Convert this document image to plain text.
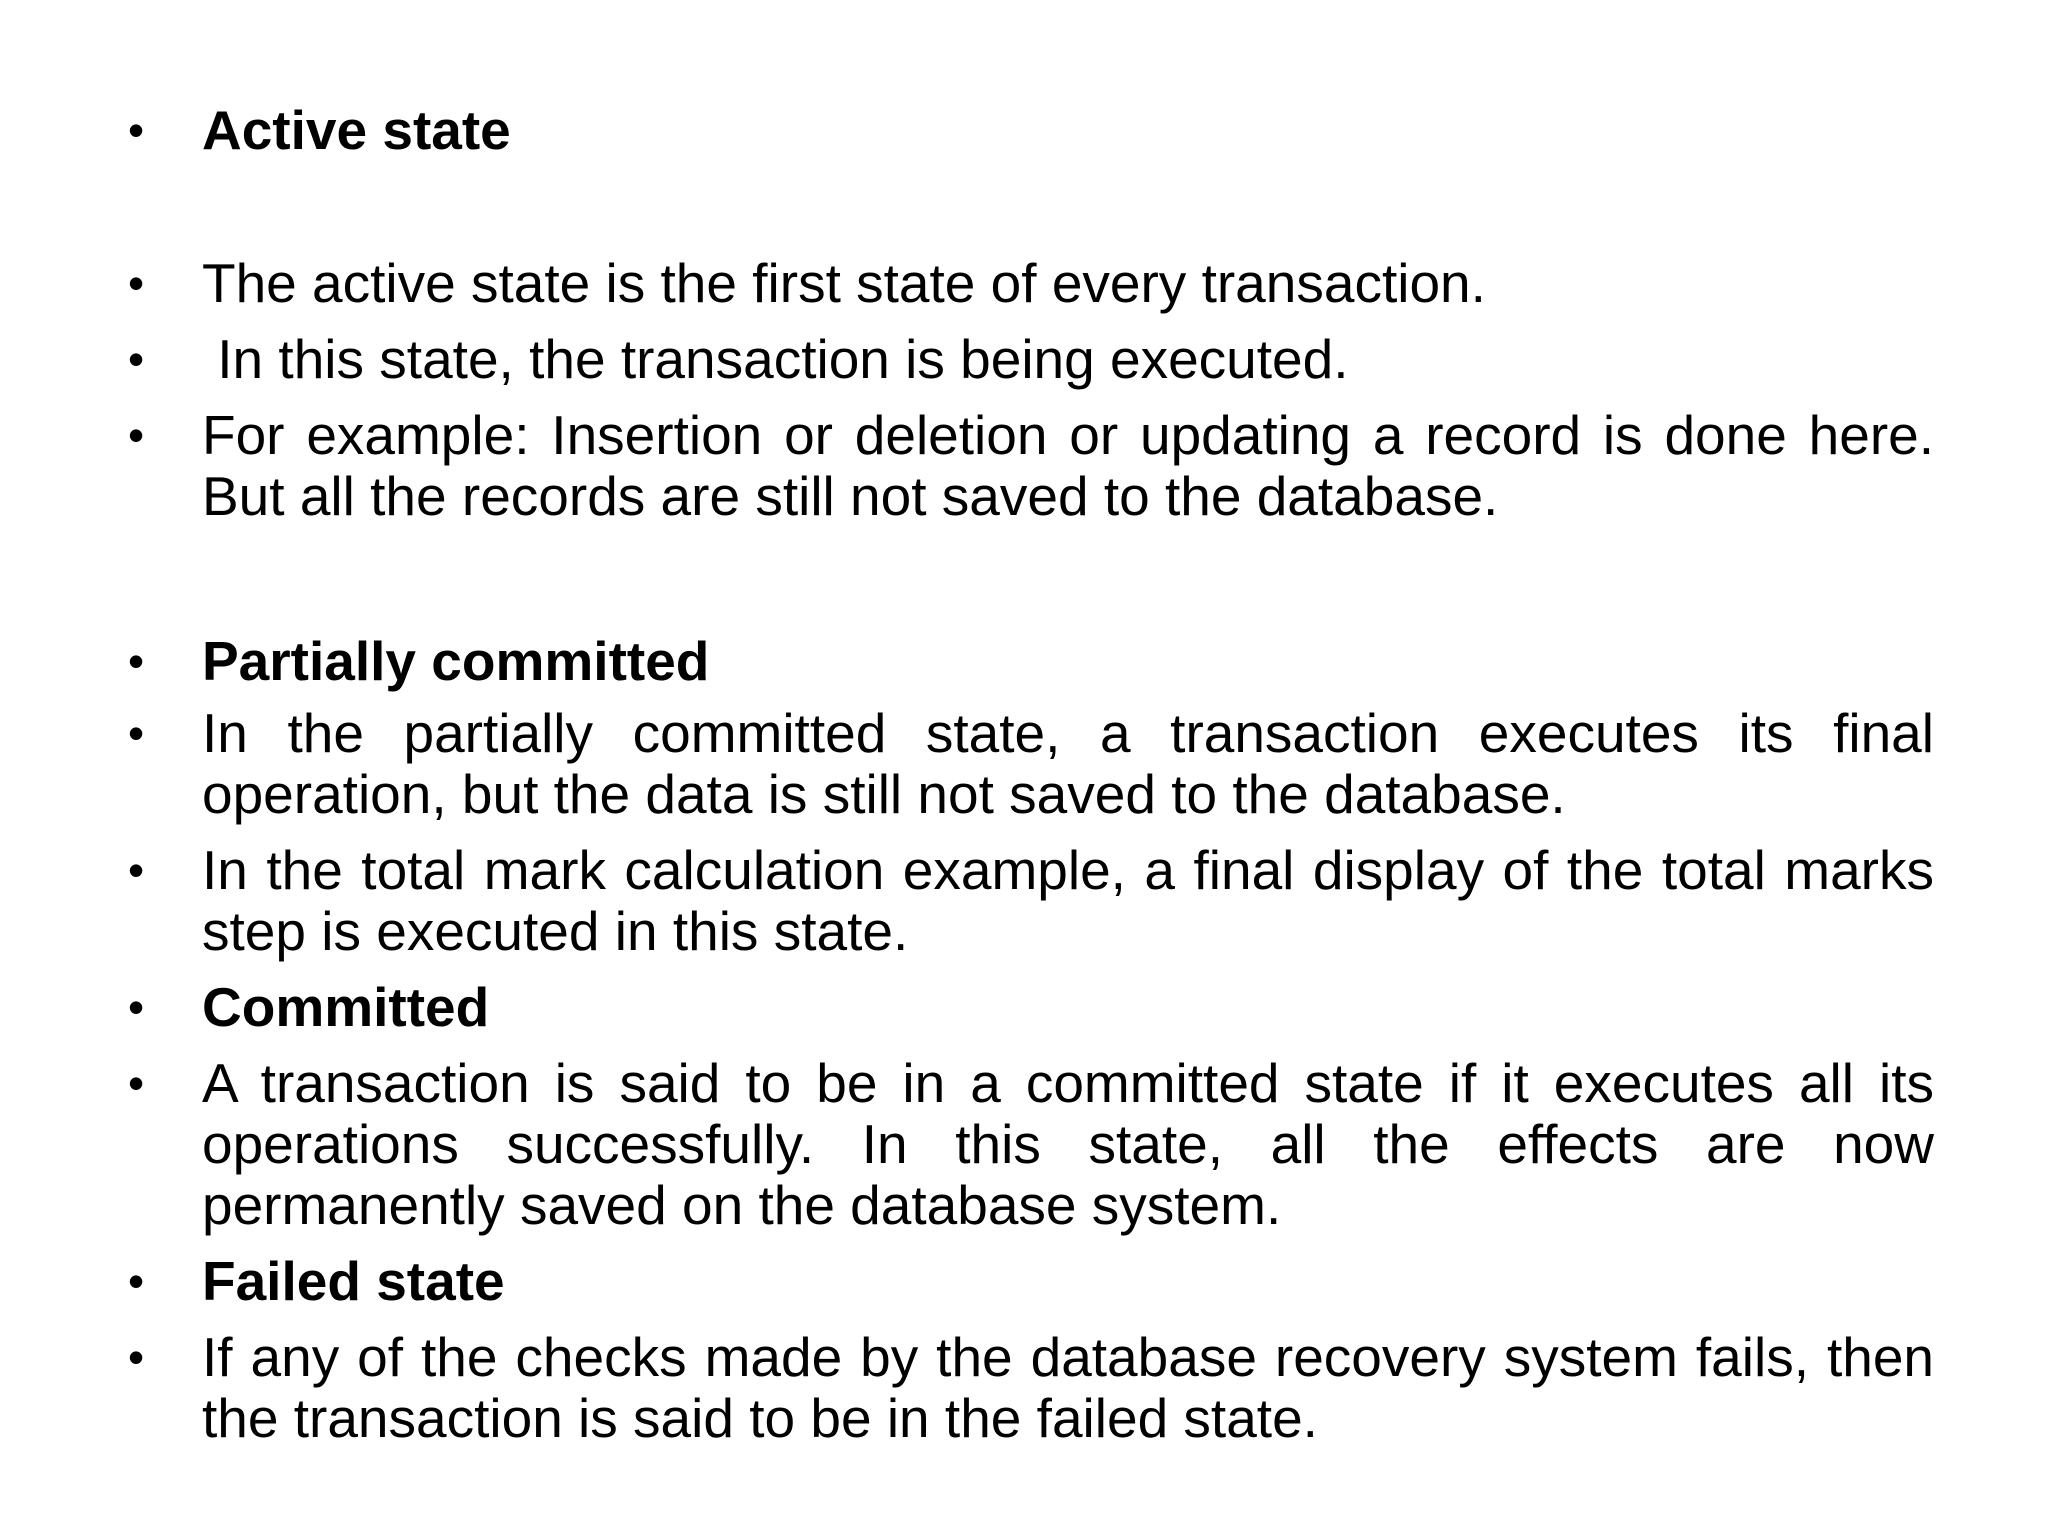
• Active state

• The active state is the first state of every transaction.

• In this state, the transaction is being executed.

• For example: Insertion or deletion or updating a record is done here. But all the records are still not saved to the database.

• Partially committed

• In the partially committed state, a transaction executes its final operation, but the data is still not saved to the database.

• In the total mark calculation example, a final display of the total marks step is executed in this state.

• Committed

• A transaction is said to be in a committed state if it executes all its operations successfully. In this state, all the effects are now permanently saved on the database system.

• Failed state

• If any of the checks made by the database recovery system fails, then the transaction is said to be in the failed state.
